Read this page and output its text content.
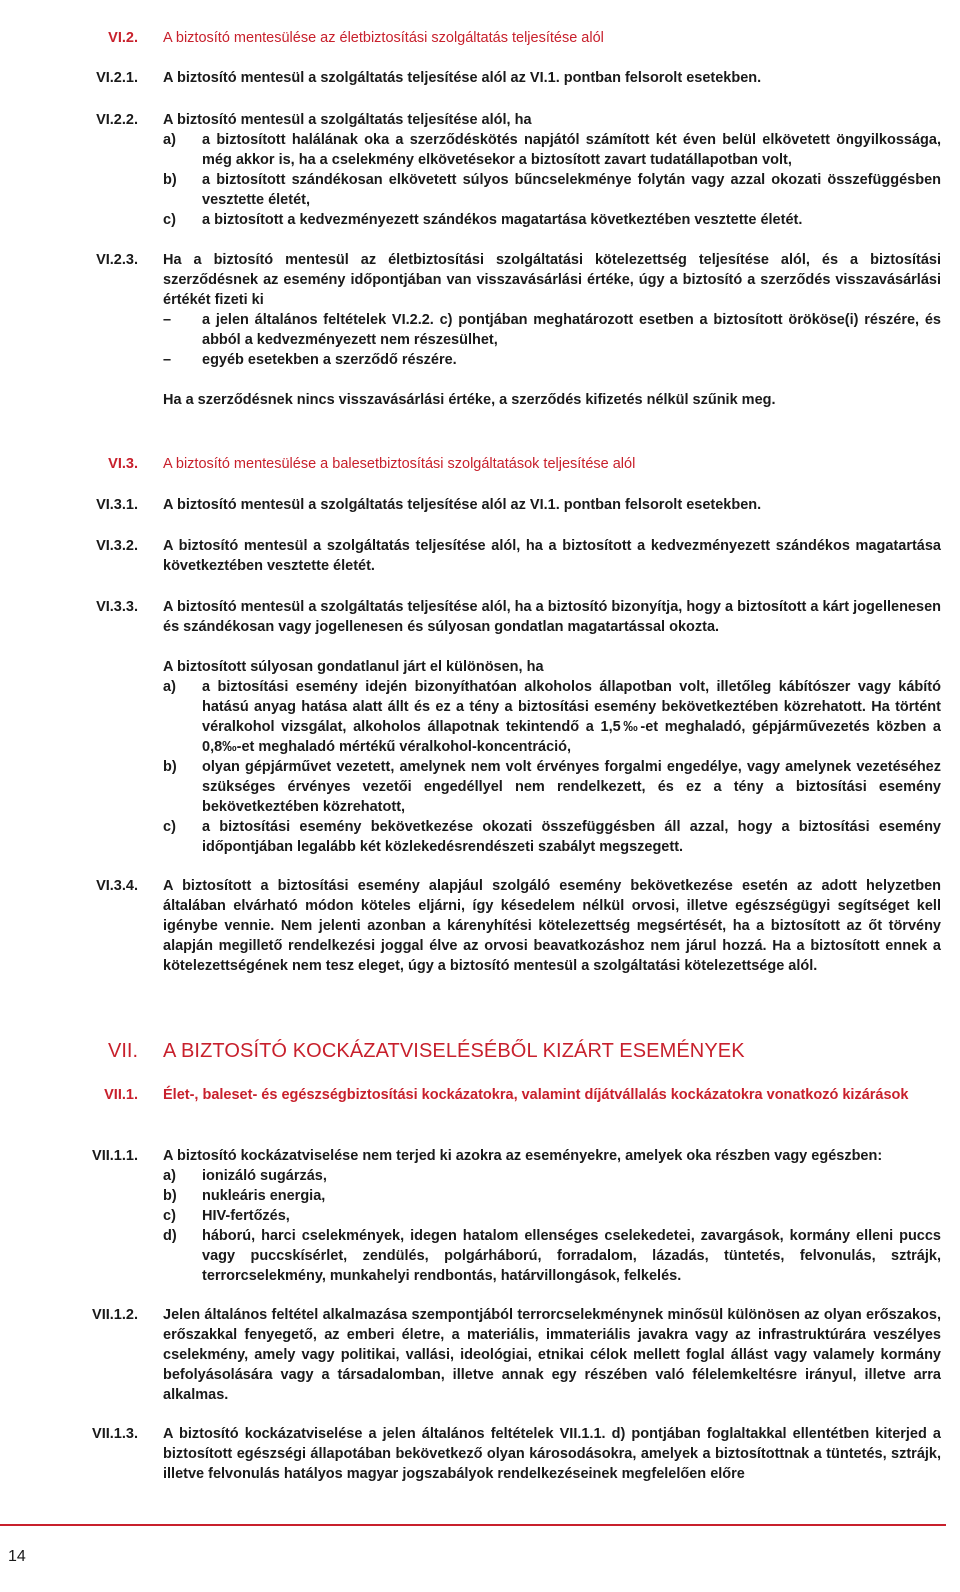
VI.2. A biztosító mentesülése az életbiztosítási szolgáltatás teljesítése alól
VI.2.1. A biztosító mentesül a szolgáltatás teljesítése alól az VI.1. pontban felsorolt esetekben.
VI.2.2. A biztosító mentesül a szolgáltatás teljesítése alól, ha

a)	a biztosított halálának oka a szerződéskötés napjától számított két éven belül elkövetett öngyilkossága, még akkor is, ha a cselekmény elkövetésekor a biztosított zavart tudatállapotban volt,
b)	a biztosított szándékosan elkövetett súlyos bűncselekménye folytán vagy azzal okozati összefüggésben vesztette életét,
c)	a biztosított a kedvezményezett szándékos magatartása következtében vesztette életét.
VI.2.3. Ha a biztosító mentesül az életbiztosítási szolgáltatási kötelezettség teljesítése alól, és a biztosítási szerződésnek az esemény időpontjában van visszavásárlási értéke, úgy a biztosító a szerződés visszavásárlási értékét fizeti ki

–	a jelen általános feltételek VI.2.2. c) pontjában meghatározott esetben a biztosított örököse(i) részére, és abból a kedvezményezett nem részesülhet,
–	egyéb esetekben a szerződő részére.

Ha a szerződésnek nincs visszavásárlási értéke, a szerződés kifizetés nélkül szűnik meg.

VI.3. A biztosító mentesülése a balesetbiztosítási szolgáltatások teljesítése alól
VI.3.1. A biztosító mentesül a szolgáltatás teljesítése alól az VI.1. pontban felsorolt esetekben.
VI.3.2. A biztosító mentesül a szolgáltatás teljesítése alól, ha a biztosított a kedvezményezett szándékos magatartása következtében vesztette életét.
VI.3.3. A biztosító mentesül a szolgáltatás teljesítése alól, ha a biztosító bizonyítja, hogy a biztosított a kárt jogellenesen és szándékosan vagy jogellenesen és súlyosan gondatlan magatartással okozta.

A biztosított súlyosan gondatlanul járt el különösen, ha

a)	a biztosítási esemény idején bizonyíthatóan alkoholos állapotban volt, illetőleg kábítószer vagy kábító hatású anyag hatása alatt állt és ez a tény a biztosítási esemény bekövetkeztében közrehatott. Ha történt véralkohol vizsgálat, alkoholos állapotnak tekintendő a 1,5‰-et meghaladó, gépjárművezetés közben a 0,8‰-et meghaladó mértékű véralkohol-koncentráció,
b)	olyan gépjárművet vezetett, amelynek nem volt érvényes forgalmi engedélye, vagy amelynek vezetéséhez szükséges érvényes vezetői engedéllyel nem rendelkezett, és ez a tény a biztosítási esemény bekövetkeztében közrehatott,
c)	a biztosítási esemény bekövetkezése okozati összefüggésben áll azzal, hogy a biztosítási esemény időpontjában legalább két közlekedésrendészeti szabályt megszegett.
VI.3.4. A biztosított a biztosítási esemény alapjául szolgáló esemény bekövetkezése esetén az adott helyzetben általában elvárható módon köteles eljárni, így késedelem nélkül orvosi, illetve egészségügyi segítséget kell igénybe vennie. Nem jelenti azonban a kárenyhítési kötelezettség megsértését, ha a biztosított az őt törvény alapján megillető rendelkezési joggal élve az orvosi beavatkozáshoz nem járul hozzá. Ha a biztosított ennek a kötelezettségének nem tesz eleget, úgy a biztosító mentesül a szolgáltatási kötelezettsége alól.
VII. A BIZTOSÍTÓ KOCKÁZATVISELÉSÉBŐL KIZÁRT ESEMÉNYEK
VII.1. Élet-, baleset- és egészségbiztosítási kockázatokra, valamint díjátvállalás kockázatokra vonatkozó kizárások
VII.1.1. A biztosító kockázatviselése nem terjed ki azokra az eseményekre, amelyek oka részben vagy egészben:

a)	ionizáló sugárzás,
b)	nukleáris energia,
c)	HIV-fertőzés,
d)	háború, harci cselekmények, idegen hatalom ellenséges cselekedetei, zavargások, kormány elleni puccs vagy puccskísérlet, zendülés, polgárháború, forradalom, lázadás, tüntetés, felvonulás, sztrájk, terrorcselekmény, munkahelyi rendbontás, határvillongások, felkelés.
VII.1.2. Jelen általános feltétel alkalmazása szempontjából terrorcselekménynek minősül különösen az olyan erőszakos, erőszakkal fenyegető, az emberi életre, a materiális, immateriális javakra vagy az infrastruktúrára veszélyes cselekmény, amely vagy politikai, vallási, ideológiai, etnikai célok mellett foglal állást vagy valamely kormány befolyásolására vagy a társadalomban, illetve annak egy részében való félelemkeltésre irányul, illetve arra alkalmas.
VII.1.3. A biztosító kockázatviselése a jelen általános feltételek VII.1.1. d) pontjában foglaltakkal ellentétben kiterjed a biztosított egészségi állapotában bekövetkező olyan károsodásokra, amelyek a biztosítottnak a tüntetés, sztrájk, illetve felvonulás hatályos magyar jogszabályok rendelkezéseinek megfelelően előre
14
